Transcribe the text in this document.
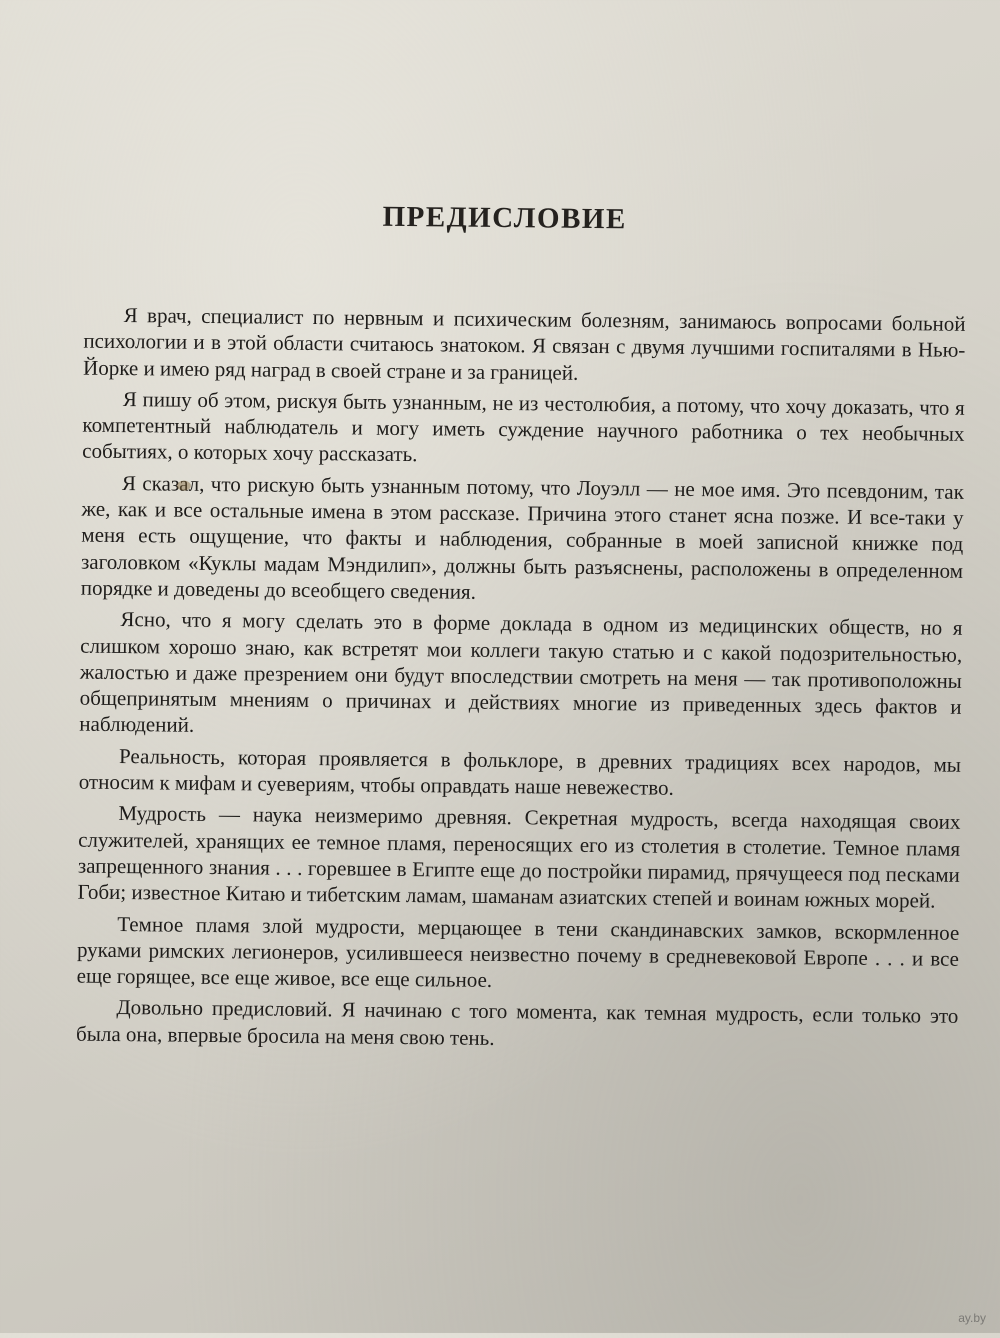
ПРЕДИСЛОВИЕ

Я врач, специалист по нервным и психическим болезням, занимаюсь вопросами больной психологии и в этой области считаюсь знатоком. Я связан с двумя лучшими госпиталями в Нью-Йорке и имею ряд наград в своей стране и за границей.

Я пишу об этом, рискуя быть узнанным, не из честолюбия, а потому, что хочу доказать, что я компетентный наблюдатель и могу иметь суждение научного работника о тех необычных событиях, о которых хочу рассказать.

Я сказал, что рискую быть узнанным потому, что Лоуэлл — не мое имя. Это псевдоним, так же, как и все остальные имена в этом рассказе. Причина этого станет ясна позже. И все-таки у меня есть ощущение, что факты и наблюдения, собранные в моей записной книжке под заголовком «Куклы мадам Мэндилип», должны быть разъяснены, расположены в определенном порядке и доведены до всеобщего сведения.

Ясно, что я могу сделать это в форме доклада в одном из медицинских обществ, но я слишком хорошо знаю, как встретят мои коллеги такую статью и с какой подозрительностью, жалостью и даже презрением они будут впоследствии смотреть на меня — так противоположны общепринятым мнениям о причинах и действиях многие из приведенных здесь фактов и наблюдений.

Реальность, которая проявляется в фольклоре, в древних традициях всех народов, мы относим к мифам и суевериям, чтобы оправдать наше невежество.

Мудрость — наука неизмеримо древняя. Секретная мудрость, всегда находящая своих служителей, хранящих ее темное пламя, переносящих его из столетия в столетие. Темное пламя запрещенного знания . . . горевшее в Египте еще до постройки пирамид, прячущееся под песками Гоби; известное Китаю и тибетским ламам, шаманам азиатских степей и воинам южных морей.

Темное пламя злой мудрости, мерцающее в тени скандинавских замков, вскормленное руками римских легионеров, усилившееся неизвестно почему в средневековой Европе . . . и все еще горящее, все еще живое, все еще сильное.

Довольно предисловий. Я начинаю с того момента, как темная мудрость, если только это была она, впервые бросила на меня свою тень.

ay.by
